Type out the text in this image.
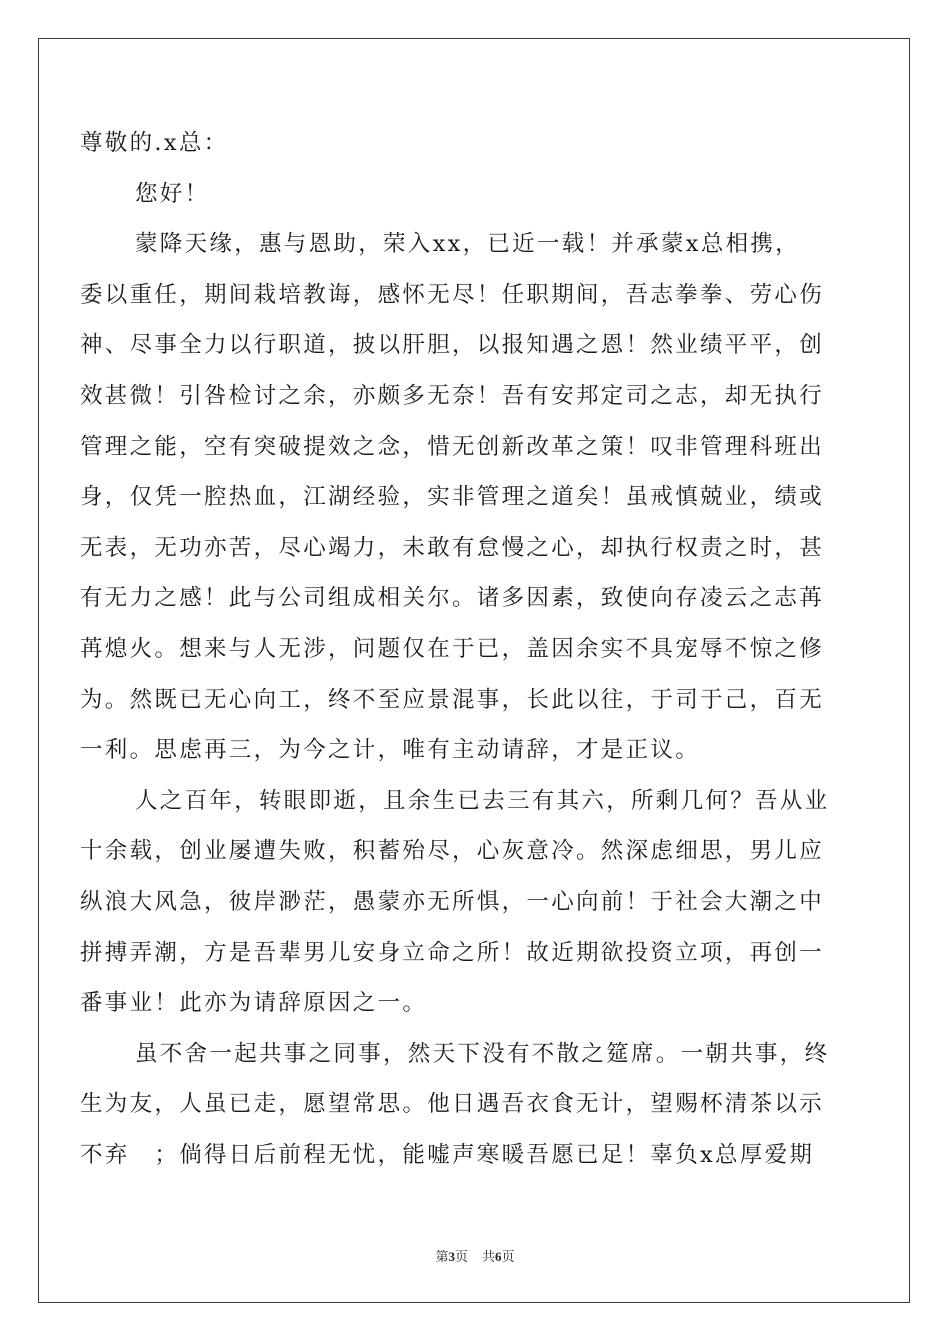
尊敬的.x总：
您好！
蒙降天缘，惠与恩助，荣入xx，已近一载！并承蒙x总相携，
委以重任，期间栽培教诲，感怀无尽！任职期间，吾志拳拳、劳心伤
神、尽事全力以行职道，披以肝胆，以报知遇之恩！然业绩平平，创
效甚微！引咎检讨之余，亦颇多无奈！吾有安邦定司之志，却无执行
管理之能，空有突破提效之念，惜无创新改革之策！叹非管理科班出
身，仅凭一腔热血，江湖经验，实非管理之道矣！虽戒慎兢业，绩或
无表，无功亦苦，尽心竭力，未敢有怠慢之心，却执行权责之时，甚
有无力之感！此与公司组成相关尔。诸多因素，致使向存凌云之志苒
苒熄火。想来与人无涉，问题仅在于已，盖因余实不具宠辱不惊之修
为。然既已无心向工，终不至应景混事，长此以往，于司于己，百无
一利。思虑再三，为今之计，唯有主动请辞，才是正议。
人之百年，转眼即逝，且余生已去三有其六，所剩几何？吾从业
十余载，创业屡遭失败，积蓄殆尽，心灰意冷。然深虑细思，男儿应
纵浪大风急，彼岸渺茫，愚蒙亦无所惧，一心向前！于社会大潮之中
拼搏弄潮，方是吾辈男儿安身立命之所！故近期欲投资立项，再创一
番事业！此亦为请辞原因之一。
虽不舍一起共事之同事，然天下没有不散之筵席。一朝共事，终
生为友，人虽已走，愿望常思。他日遇吾衣食无计，望赐杯清茶以示
不弃　；倘得日后前程无忧，能嘘声寒暖吾愿已足！辜负x总厚爱期
第3页 共6页
